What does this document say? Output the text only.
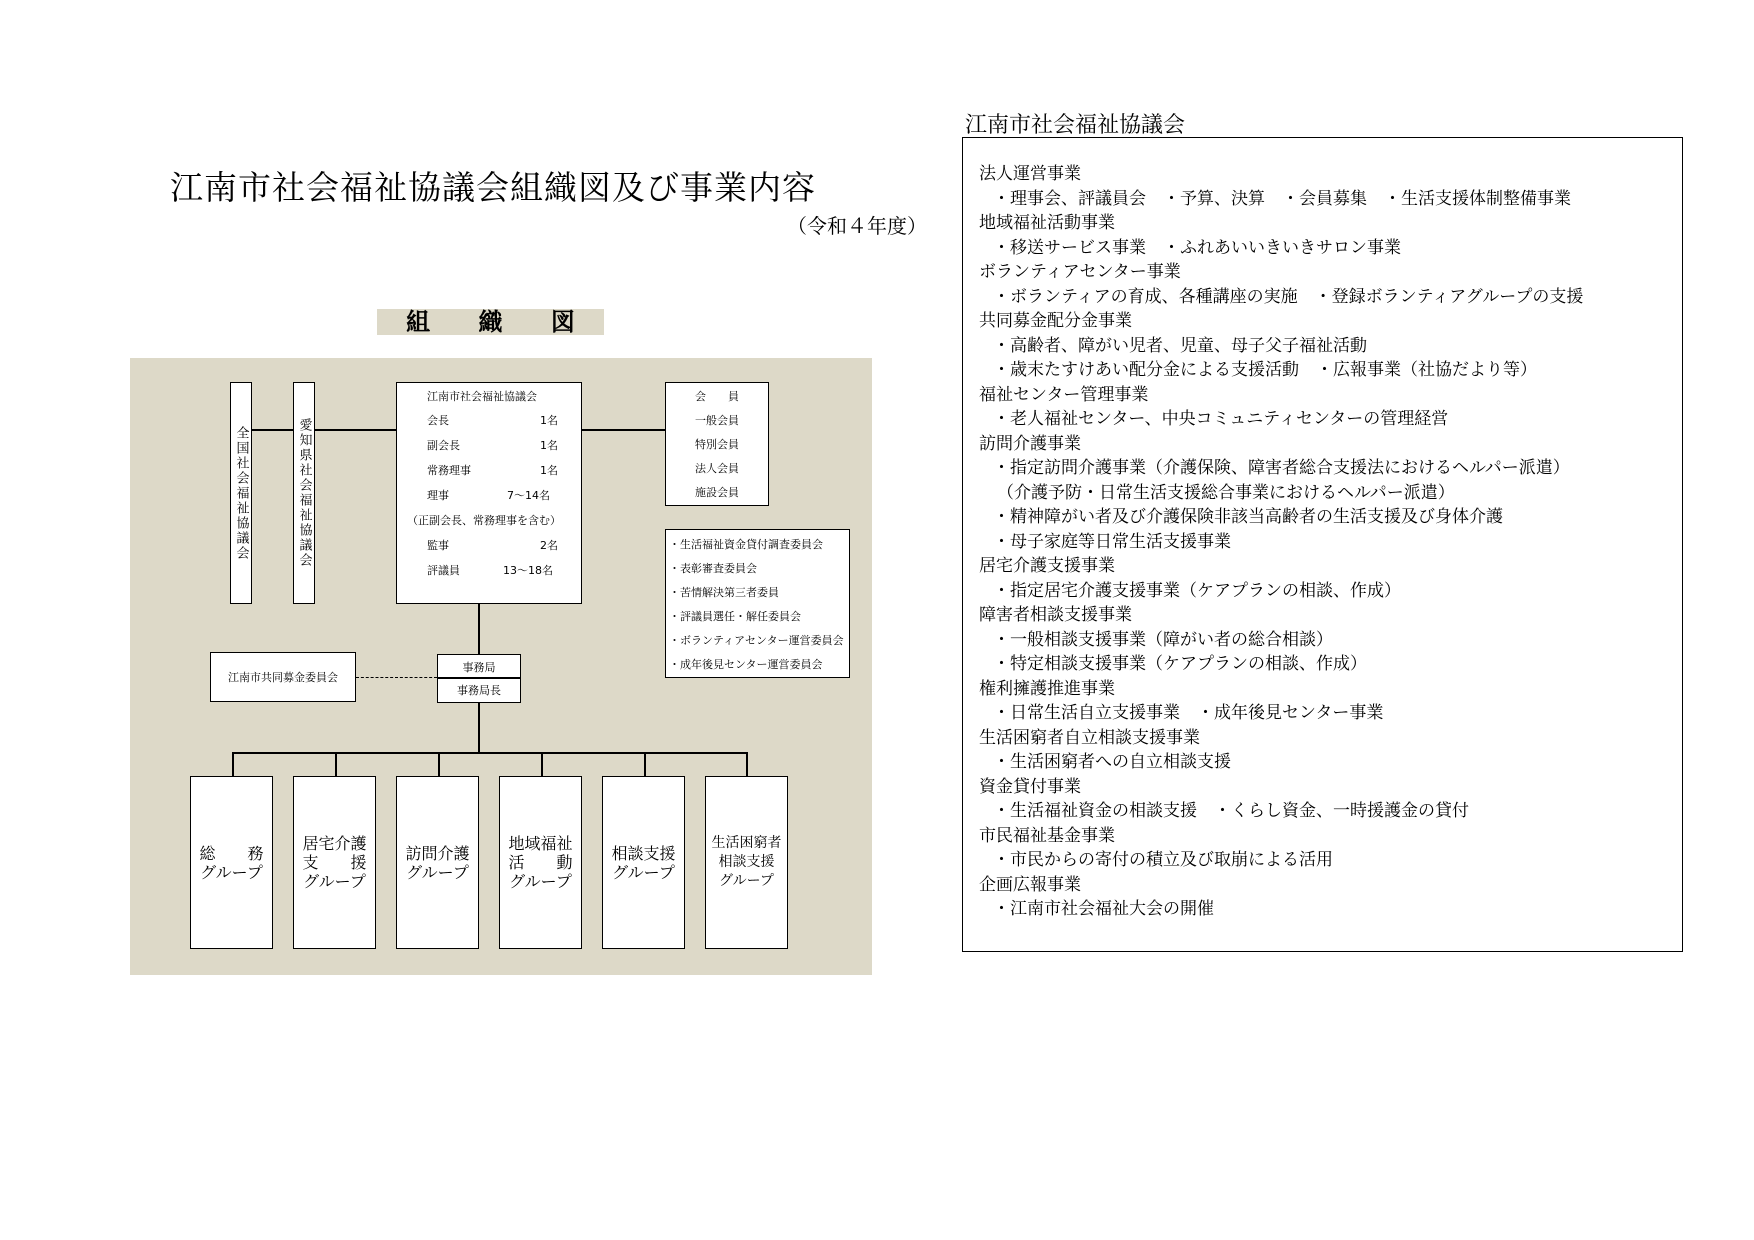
江南市社会福祉協議会組織図及び事業内容
（令和４年度）
組 織 図
全国社会福祉協議会	愛知県社会福祉協議会
江南市社会福祉協議会
会長	1名
副会長	1名
常務理事	1名
理事	7～14名
（正副会長、常務理事を含む）
監事	2名
評議員	13～18名
会　　員
一般会員
特別会員
法人会員
施設会員
・生活福祉資金貸付調査委員会
・表彰審査委員会
・苦情解決第三者委員
・評議員選任・解任委員会
・ボランティアセンター運営委員会
・成年後見センター運営委員会
江南市共同募金委員会
事務局
事務局長
総　　務
グループ
居宅介護
支　　援
グループ
訪問介護
グループ
地域福祉
活　　動
グループ
相談支援
グループ
生活困窮者
相談支援
グループ
江南市社会福祉協議会
法人運営事業
・理事会、評議員会　・予算、決算　・会員募集　・生活支援体制整備事業
地域福祉活動事業
・移送サービス事業　・ふれあいいきいきサロン事業
ボランティアセンター事業
・ボランティアの育成、各種講座の実施　・登録ボランティアグループの支援
共同募金配分金事業
・高齢者、障がい児者、児童、母子父子福祉活動
・歳末たすけあい配分金による支援活動　・広報事業（社協だより等）
福祉センター管理事業
・老人福祉センター、中央コミュニティセンターの管理経営
訪問介護事業
・指定訪問介護事業（介護保険、障害者総合支援法におけるヘルパー派遣）
（介護予防・日常生活支援総合事業におけるヘルパー派遣）
・精神障がい者及び介護保険非該当高齢者の生活支援及び身体介護
・母子家庭等日常生活支援事業
居宅介護支援事業
・指定居宅介護支援事業（ケアプランの相談、作成）
障害者相談支援事業
・一般相談支援事業（障がい者の総合相談）
・特定相談支援事業（ケアプランの相談、作成）
権利擁護推進事業
・日常生活自立支援事業　・成年後見センター事業
生活困窮者自立相談支援事業
・生活困窮者への自立相談支援
資金貸付事業
・生活福祉資金の相談支援　・くらし資金、一時援護金の貸付
市民福祉基金事業
・市民からの寄付の積立及び取崩による活用
企画広報事業
・江南市社会福祉大会の開催
